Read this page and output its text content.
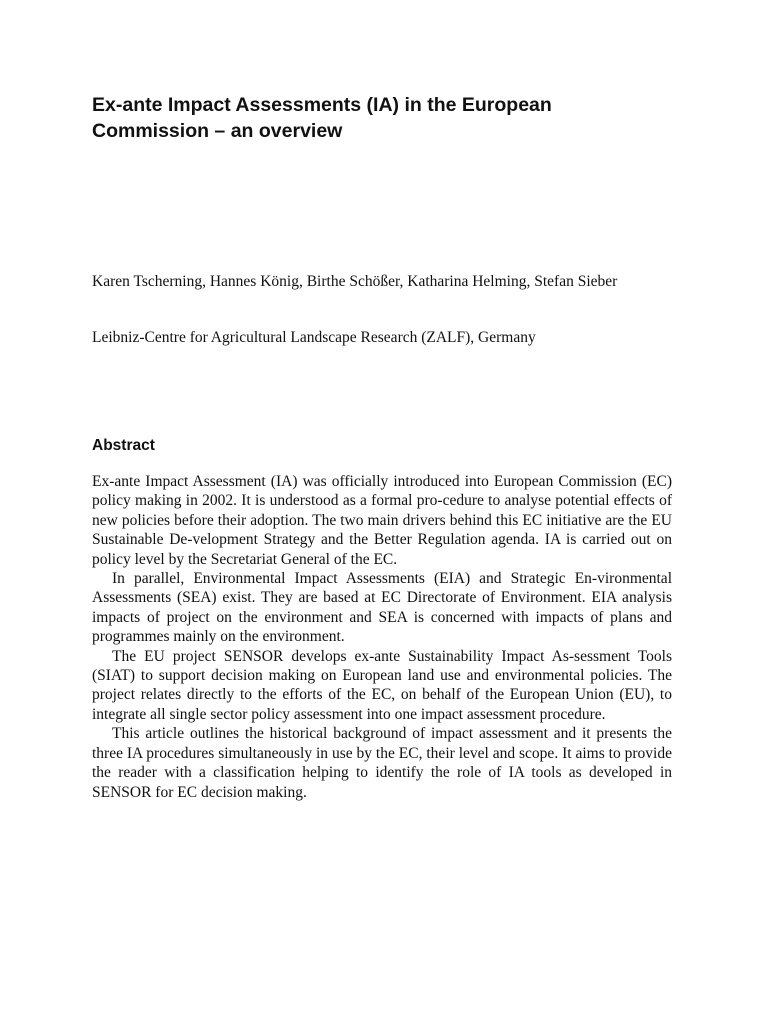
Ex-ante Impact Assessments (IA) in the European Commission – an overview

Karen Tscherning, Hannes König, Birthe Schößer, Katharina Helming, Stefan Sieber

Leibniz-Centre for Agricultural Landscape Research (ZALF), Germany

Abstract

Ex-ante Impact Assessment (IA) was officially introduced into European Commission (EC) policy making in 2002. It is understood as a formal pro-cedure to analyse potential effects of new policies before their adoption. The two main drivers behind this EC initiative are the EU Sustainable De-velopment Strategy and the Better Regulation agenda. IA is carried out on policy level by the Secretariat General of the EC.

In parallel, Environmental Impact Assessments (EIA) and Strategic En-vironmental Assessments (SEA) exist. They are based at EC Directorate of Environment. EIA analysis impacts of project on the environment and SEA is concerned with impacts of plans and programmes mainly on the environment.

The EU project SENSOR develops ex-ante Sustainability Impact As-sessment Tools (SIAT) to support decision making on European land use and environmental policies. The project relates directly to the efforts of the EC, on behalf of the European Union (EU), to integrate all single sector policy assessment into one impact assessment procedure.

This article outlines the historical background of impact assessment and it presents the three IA procedures simultaneously in use by the EC, their level and scope. It aims to provide the reader with a classification helping to identify the role of IA tools as developed in SENSOR for EC decision making.
